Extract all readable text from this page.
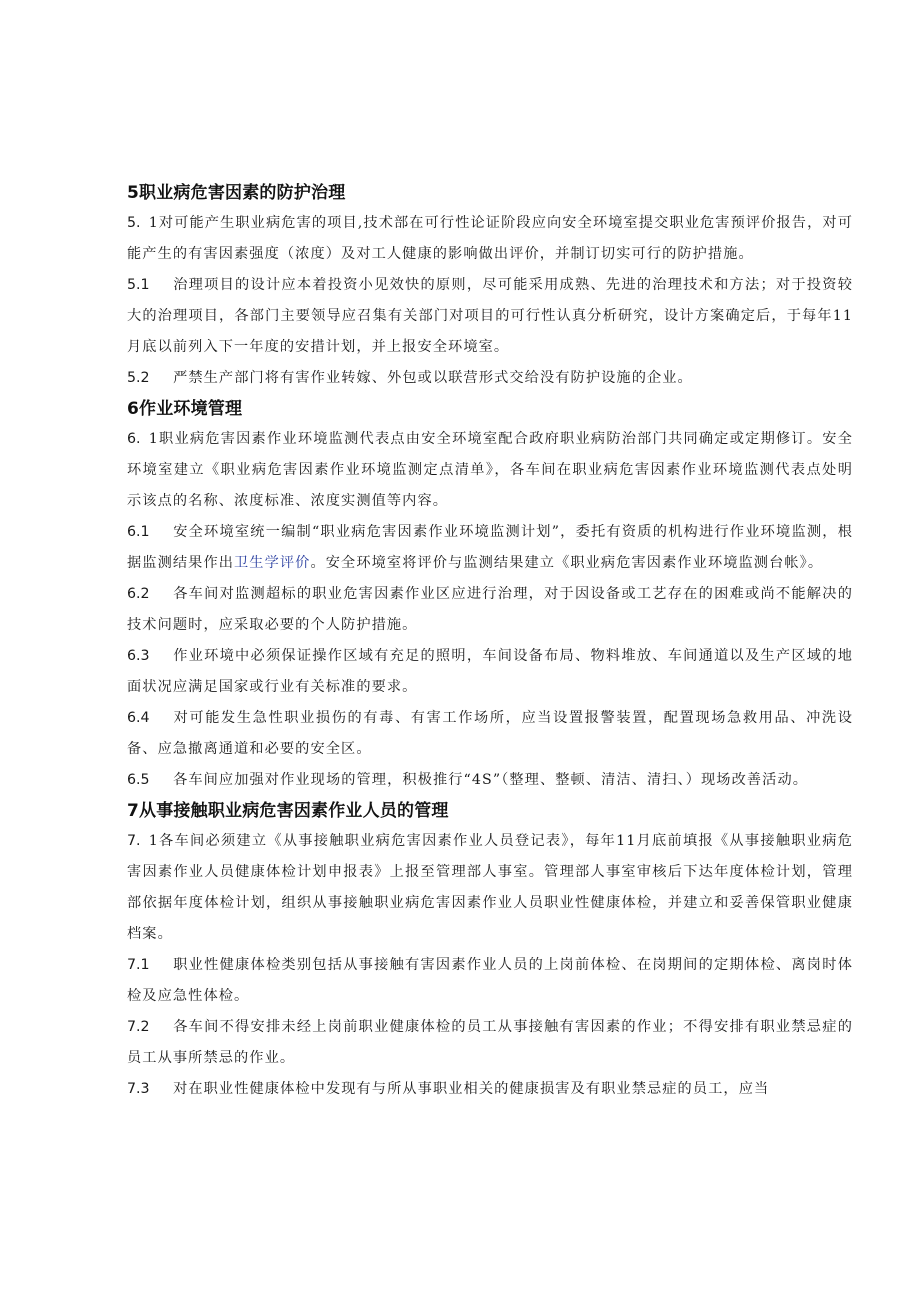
5职业病危害因素的防护治理

5.  1对可能产生职业病危害的项目,技术部在可行性论证阶段应向安全环境室提交职业危害预评价报告，对可能产生的有害因素强度（浓度）及对工人健康的影响做出评价，并制订切实可行的防护措施。

5.1   治理项目的设计应本着投资小见效快的原则，尽可能采用成熟、先进的治理技术和方法；对于投资较大的治理项目，各部门主要领导应召集有关部门对项目的可行性认真分析研究，设计方案确定后，于每年11月底以前列入下一年度的安措计划，并上报安全环境室。

5.2   严禁生产部门将有害作业转嫁、外包或以联营形式交给没有防护设施的企业。

6作业环境管理

6.  1职业病危害因素作业环境监测代表点由安全环境室配合政府职业病防治部门共同确定或定期修订。安全环境室建立《职业病危害因素作业环境监测定点清单》，各车间在职业病危害因素作业环境监测代表点处明示该点的名称、浓度标准、浓度实测值等内容。

6.1   安全环境室统一编制“职业病危害因素作业环境监测计划”，委托有资质的机构进行作业环境监测，根据监测结果作出卫生学评价。安全环境室将评价与监测结果建立《职业病危害因素作业环境监测台帐》。

6.2   各车间对监测超标的职业危害因素作业区应进行治理，对于因设备或工艺存在的困难或尚不能解决的技术问题时，应采取必要的个人防护措施。

6.3   作业环境中必须保证操作区域有充足的照明，车间设备布局、物料堆放、车间通道以及生产区域的地面状况应满足国家或行业有关标准的要求。

6.4   对可能发生急性职业损伤的有毒、有害工作场所，应当设置报警装置，配置现场急救用品、冲洗设备、应急撤离通道和必要的安全区。

6.5   各车间应加强对作业现场的管理，积极推行“4S”（整理、整顿、清洁、清扫、）现场改善活动。

7从事接触职业病危害因素作业人员的管理

7.  1各车间必须建立《从事接触职业病危害因素作业人员登记表》，每年11月底前填报《从事接触职业病危害因素作业人员健康体检计划申报表》上报至管理部人事室。管理部人事室审核后下达年度体检计划，管理部依据年度体检计划，组织从事接触职业病危害因素作业人员职业性健康体检，并建立和妥善保管职业健康档案。

7.1   职业性健康体检类别包括从事接触有害因素作业人员的上岗前体检、在岗期间的定期体检、离岗时体检及应急性体检。

7.2   各车间不得安排未经上岗前职业健康体检的员工从事接触有害因素的作业；不得安排有职业禁忌症的员工从事所禁忌的作业。

7.3   对在职业性健康体检中发现有与所从事职业相关的健康损害及有职业禁忌症的员工，应当
